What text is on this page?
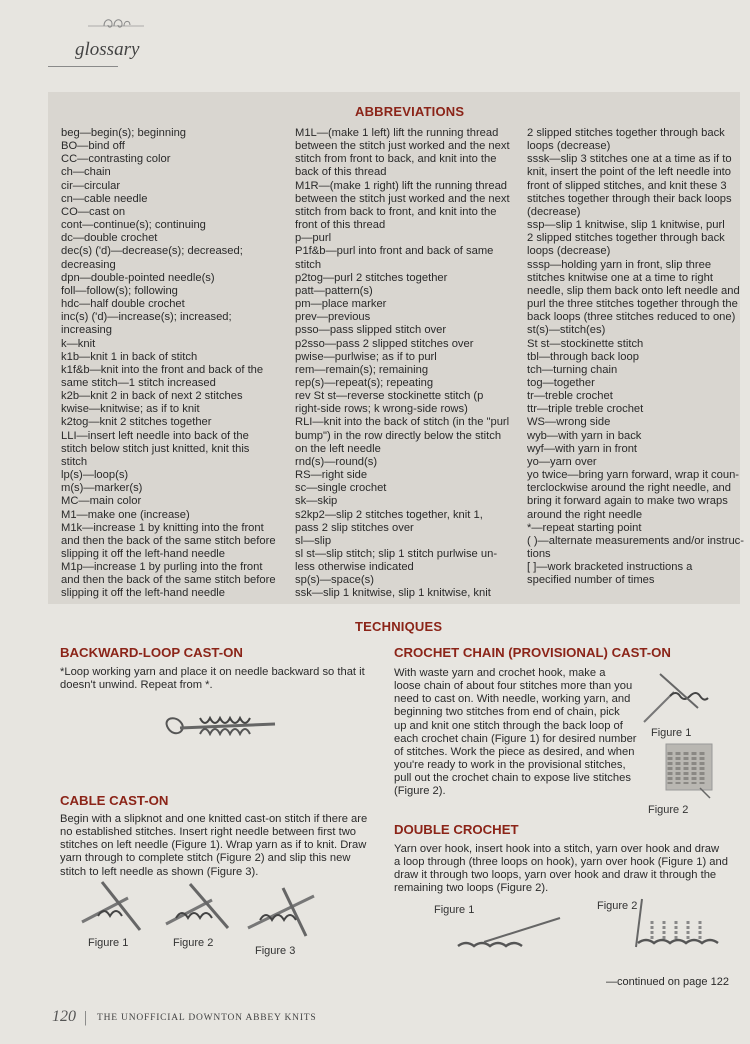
glossary
ABBREVIATIONS
beg—begin(s); beginning
BO—bind off
CC—contrasting color
ch—chain
cir—circular
cn—cable needle
CO—cast on
cont—continue(s); continuing
dc—double crochet
dec(s) ('d)—decrease(s); decreased;
decreasing
dpn—double-pointed needle(s)
foll—follow(s); following
hdc—half double crochet
inc(s) ('d)—increase(s); increased;
increasing
k—knit
k1b—knit 1 in back of stitch
k1f&b—knit into the front and back of the
same stitch—1 stitch increased
k2b—knit 2 in back of next 2 stitches
kwise—knitwise; as if to knit
k2tog—knit 2 stitches together
LLI—insert left needle into back of the
stitch below stitch just knitted, knit this
stitch
lp(s)—loop(s)
m(s)—marker(s)
MC—main color
M1—make one (increase)
M1k—increase 1 by knitting into the front
and then the back of the same stitch before
slipping it off the left-hand needle
M1p—increase 1 by purling into the front
and then the back of the same stitch before
slipping it off the left-hand needle
M1L—(make 1 left) lift the running thread
between the stitch just worked and the next
stitch from front to back, and knit into the
back of this thread
M1R—(make 1 right) lift the running thread
between the stitch just worked and the next
stitch from back to front, and knit into the
front of this thread
p—purl
P1f&b—purl into front and back of same
stitch
p2tog—purl 2 stitches together
patt—pattern(s)
pm—place marker
prev—previous
psso—pass slipped stitch over
p2sso—pass 2 slipped stitches over
pwise—purlwise; as if to purl
rem—remain(s); remaining
rep(s)—repeat(s); repeating
rev St st—reverse stockinette stitch (p
right-side rows; k wrong-side rows)
RLI—knit into the back of stitch (in the "purl
bump") in the row directly below the stitch
on the left needle
rnd(s)—round(s)
RS—right side
sc—single crochet
sk—skip
s2kp2—slip 2 stitches together, knit 1,
pass 2 slip stitches over
sl—slip
sl st—slip stitch; slip 1 stitch purlwise un-
less otherwise indicated
sp(s)—space(s)
ssk—slip 1 knitwise, slip 1 knitwise, knit
2 slipped stitches together through back
loops (decrease)
sssk—slip 3 stitches one at a time as if to
knit, insert the point of the left needle into
front of slipped stitches, and knit these 3
stitches together through their back loops
(decrease)
ssp—slip 1 knitwise, slip 1 knitwise, purl
2 slipped stitches together through back
loops (decrease)
sssp—holding yarn in front, slip three
stitches knitwise one at a time to right
needle, slip them back onto left needle and
purl the three stitches together through the
back loops (three stitches reduced to one)
st(s)—stitch(es)
St st—stockinette stitch
tbl—through back loop
tch—turning chain
tog—together
tr—treble crochet
ttr—triple treble crochet
WS—wrong side
wyb—with yarn in back
wyf—with yarn in front
yo—yarn over
yo twice—bring yarn forward, wrap it coun-
terclockwise around the right needle, and
bring it forward again to make two wraps
around the right needle
*—repeat starting point
( )—alternate measurements and/or instruc-
tions
[ ]—work bracketed instructions a
specified number of times
TECHNIQUES
BACKWARD-LOOP CAST-ON
*Loop working yarn and place it on needle backward so that it
doesn't unwind. Repeat from *.
CABLE CAST-ON
Begin with a slipknot and one knitted cast-on stitch if there are
no established stitches. Insert right needle between first two
stitches on left needle (Figure 1). Wrap yarn as if to knit. Draw
yarn through to complete stitch (Figure 2) and slip this new
stitch to left needle as shown (Figure 3).
Figure 1	Figure 2
Figure 3
CROCHET CHAIN (PROVISIONAL) CAST-ON
With waste yarn and crochet hook, make a
loose chain of about four stitches more than you
need to cast on. With needle, working yarn, and
beginning two stitches from end of chain, pick
up and knit one stitch through the back loop of
each crochet chain (Figure 1) for desired number
of stitches. Work the piece as desired, and when
you're ready to work in the provisional stitches,
pull out the crochet chain to expose live stitches
(Figure 2).
Figure 1
Figure 2
DOUBLE CROCHET
Yarn over hook, insert hook into a stitch, yarn over hook and draw
a loop through (three loops on hook), yarn over hook (Figure 1) and
draw it through two loops, yarn over hook and draw it through the
remaining two loops (Figure 2).
Figure 1	Figure 2
—continued on page 122
120 | THE UNOFFICIAL DOWNTON ABBEY KNITS
